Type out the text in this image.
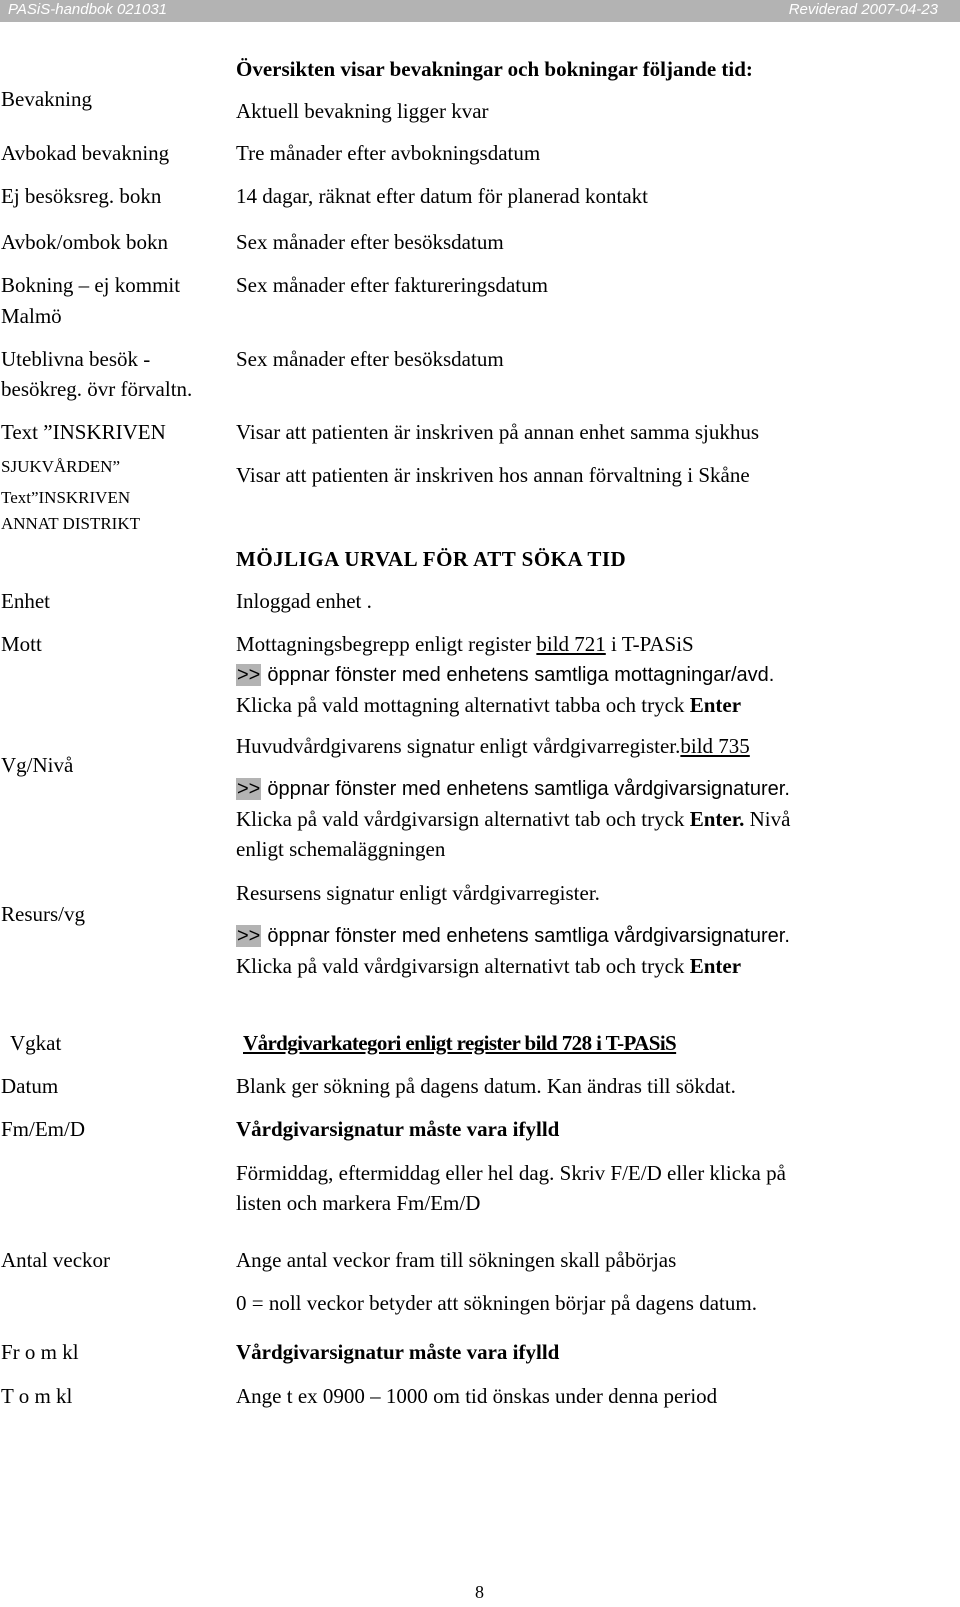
PASiS-handbok 021031	Reviderad 2007-04-23
Bevakning
Avbokad bevakning
Ej besöksreg. bokn
Avbok/ombok bokn
Bokning – ej kommit
Malmö
Uteblivna besök -
besökreg. övr förvaltn.
Text ”INSKRIVEN
SJUKVÅRDEN”
Text”INSKRIVEN
ANNAT DISTRIKT
Enhet
Mott
Vg/Nivå
Resurs/vg
Vgkat
Datum
Fm/Em/D
Antal veckor
Fr o m kl
T o m kl
Översikten visar bevakningar och bokningar följande tid:
Aktuell bevakning ligger kvar
Tre månader efter avbokningsdatum
14 dagar, räknat efter datum för planerad kontakt
Sex månader efter besöksdatum
Sex månader efter faktureringsdatum
Sex månader efter besöksdatum
Visar att patienten är inskriven på annan enhet samma sjukhus
Visar att patienten är inskriven hos annan förvaltning i Skåne
MÖJLIGA URVAL FÖR ATT SÖKA TID
Inloggad enhet .
Mottagningsbegrepp enligt register bild 721 i T-PASiS
>> öppnar fönster med enhetens samtliga mottagningar/avd.
Klicka på vald mottagning alternativt tabba och tryck Enter
Huvudvårdgivarens signatur enligt vårdgivarregister.bild 735
>> öppnar fönster med enhetens samtliga vårdgivarsignaturer.
Klicka på vald vårdgivarsign alternativt tab och tryck Enter. Nivå
enligt schemaläggningen
Resursens signatur enligt vårdgivarregister.
>> öppnar fönster med enhetens samtliga vårdgivarsignaturer.
Klicka på vald vårdgivarsign alternativt tab och tryck Enter
Vårdgivarkategori enligt register bild 728 i T-PASiS
Blank ger sökning på dagens datum. Kan ändras till sökdat.
Vårdgivarsignatur måste vara ifylld
Förmiddag, eftermiddag eller hel dag. Skriv F/E/D eller klicka på
listen och markera Fm/Em/D
Ange antal veckor fram till sökningen skall påbörjas
0 = noll veckor betyder att sökningen börjar på dagens datum.
Vårdgivarsignatur måste vara ifylld
Ange t ex 0900 – 1000 om tid önskas under denna period
8
